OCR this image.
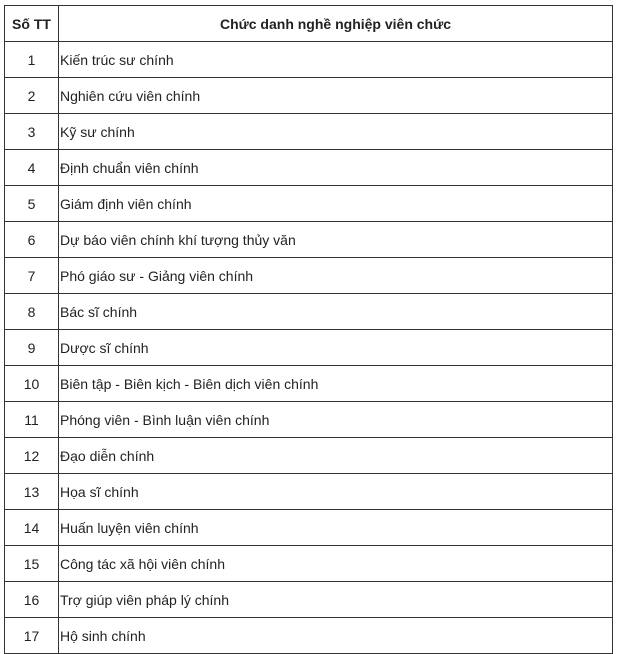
Số TT	Chức danh nghề nghiệp viên chức
1	Kiến trúc sư chính
2	Nghiên cứu viên chính
3	Kỹ sư chính
4	Định chuẩn viên chính
5	Giám định viên chính
6	Dự báo viên chính khí tượng thủy văn
7	Phó giáo sư - Giảng viên chính
8	Bác sĩ chính
9	Dược sĩ chính
10	Biên tập - Biên kịch - Biên dịch viên chính
11	Phóng viên - Bình luận viên chính
12	Đạo diễn chính
13	Họa sĩ chính
14	Huấn luyện viên chính
15	Công tác xã hội viên chính
16	Trợ giúp viên pháp lý chính
17	Hộ sinh chính
